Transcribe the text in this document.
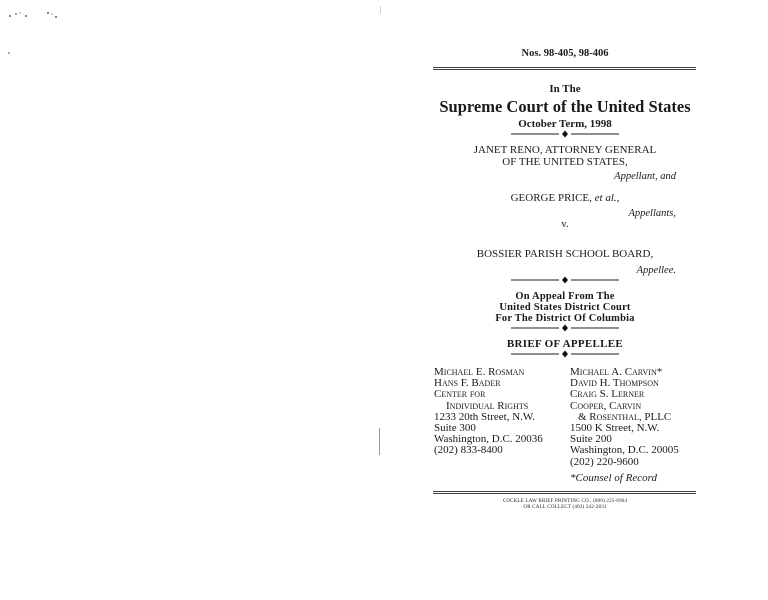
Nos. 98-405, 98-406
In The
Supreme Court of the United States
October Term, 1998
JANET RENO, ATTORNEY GENERAL
OF THE UNITED STATES,
Appellant, and
GEORGE PRICE, et al.,
Appellants,
v.
BOSSIER PARISH SCHOOL BOARD,
Appellee.
On Appeal From The
United States District Court
For The District Of Columbia
BRIEF OF APPELLEE
Michael E. Rosman
Hans F. Bader
Center for
Individual Rights
1233 20th Street, N.W.
Suite 300
Washington, D.C. 20036
(202) 833-8400
Michael A. Carvin*
David H. Thompson
Craig S. Lerner
Cooper, Carvin
& Rosenthal, PLLC
1500 K Street, N.W.
Suite 200
Washington, D.C. 20005
(202) 220-9600
*Counsel of Record
COCKLE LAW BRIEF PRINTING CO., (800) 225-6964
OR CALL COLLECT (402) 342-2831
